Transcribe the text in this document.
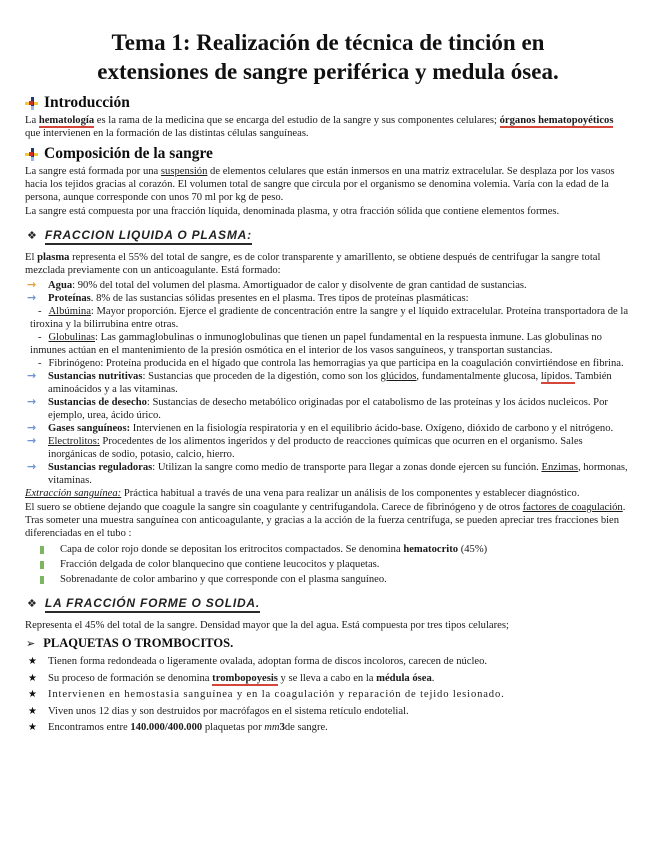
Tema 1: Realización de técnica de tinción en
extensiones de sangre periférica y medula ósea.
Introducción

La hematología es la rama de la medicina que se encarga del estudio de la sangre y sus componentes celulares; órganos hematopoyéticos que intervienen en la formación de las distintas células sanguíneas.

Composición de la sangre

La sangre está formada por una suspensión de elementos celulares que están inmersos en una matriz extracelular. Se desplaza por los vasos hacia los tejidos gracias al corazón. El volumen total de sangre que circula por el organismo se denomina volemia. Varía con la edad de la persona, aunque corresponde con unos 70 ml por kg de peso.

La sangre está compuesta por una fracción líquida, denominada plasma, y otra fracción sólida que contiene elementos formes.

❖ FRACCION LIQUIDA O PLASMA:

El plasma representa el 55% del total de sangre, es de color transparente y amarillento, se obtiene después de centrifugar la sangre total mezclada previamente con un anticoagulante. Está formado:

→ Agua: 90% del total del volumen del plasma. Amortiguador de calor y disolvente de gran cantidad de sustancias.
→ Proteínas. 8% de las sustancias sólidas presentes en el plasma. Tres tipos de proteínas plasmáticas:
- Albúmina: Mayor proporción. Ejerce el gradiente de concentración entre la sangre y el líquido extracelular. Proteína transportadora de la tiroxina y la bilirrubina entre otras.
- Globulinas: Las gammaglobulinas o inmunoglobulinas que tienen un papel fundamental en la respuesta inmune. Las globulinas no inmunes actúan en el mantenimiento de la presión osmótica en el interior de los vasos sanguíneos, y transportan sustancias.
- Fibrinógeno: Proteína producida en el hígado que controla las hemorragias ya que participa en la coagulación convirtiéndose en fibrina.
→ Sustancias nutritivas: Sustancias que proceden de la digestión, como son los glúcidos, fundamentalmente glucosa, lípidos. También aminoácidos y a las vitaminas.
→ Sustancias de desecho: Sustancias de desecho metabólico originadas por el catabolismo de las proteínas y los ácidos nucleicos. Por ejemplo, urea, ácido úrico.
→ Gases sanguíneos: Intervienen en la fisiología respiratoria y en el equilibrio ácido-base. Oxígeno, dióxido de carbono y el nitrógeno.
→ Electrolitos: Procedentes de los alimentos ingeridos y del producto de reacciones químicas que ocurren en el organismo. Sales inorgánicas de sodio, potasio, calcio, hierro.
→ Sustancias reguladoras: Utilizan la sangre como medio de transporte para llegar a zonas donde ejercen su función. Enzimas, hormonas, vitaminas.

Extracción sanguínea: Práctica habitual a través de una vena para realizar un análisis de los componentes y establecer diagnóstico.

El suero se obtiene dejando que coagule la sangre sin coagulante y centrifugandola. Carece de fibrinógeno y de otros factores de coagulación. Tras someter una muestra sanguínea con anticoagulante, y gracias a la acción de la fuerza centrífuga, se pueden apreciar tres fracciones bien diferenciadas en el tubo :

Capa de color rojo donde se depositan los eritrocitos compactados. Se denomina hematocrito (45%)
Fracción delgada de color blanquecino que contiene leucocitos y plaquetas.
Sobrenadante de color ambarino y que corresponde con el plasma sanguíneo.
❖ LA FRACCIÓN FORME O SOLIDA.

Representa el 45% del total de la sangre. Densidad mayor que la del agua. Está compuesta por tres tipos celulares;

➢ PLAQUETAS O TROMBOCITOS.
★ Tienen forma redondeada o ligeramente ovalada, adoptan forma de discos incoloros, carecen de núcleo.
★ Su proceso de formación se denomina trombopoyesis y se lleva a cabo en la médula ósea.
★ Intervienen en hemostasia sanguínea y en la coagulación y reparación de tejido lesionado.
★ Viven unos 12 dias y son destruidos por macrófagos en el sistema retículo endotelial.
★ Encontramos entre 140.000/400.000 plaquetas por mm3de sangre.
